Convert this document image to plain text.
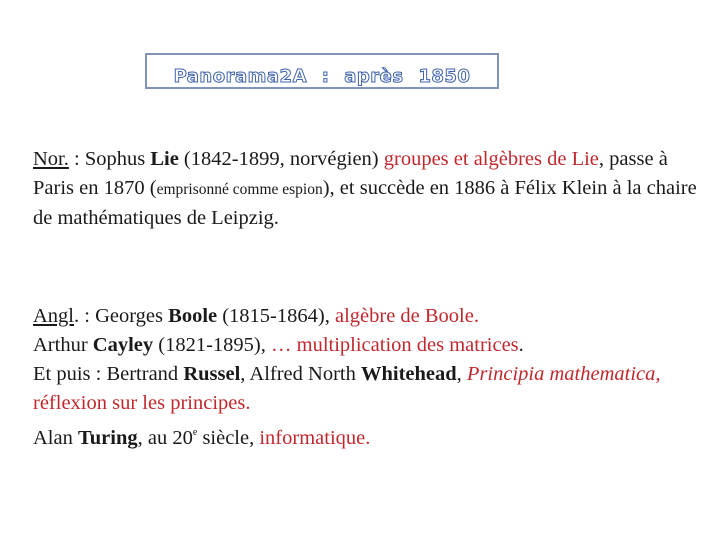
Panorama2A : après 1850
Nor. : Sophus Lie (1842-1899, norvégien) groupes et algèbres de Lie, passe à Paris en 1870 (emprisonné comme espion), et succède en 1886 à Félix Klein à la chaire de mathématiques de Leipzig.
Angl. : Georges Boole (1815-1864), algèbre de Boole.
Arthur Cayley (1821-1895), … multiplication des matrices.
Et puis : Bertrand Russel, Alfred North Whitehead, Principia mathematica, réflexion sur les principes.
Alan Turing, au 20e siècle, informatique.
